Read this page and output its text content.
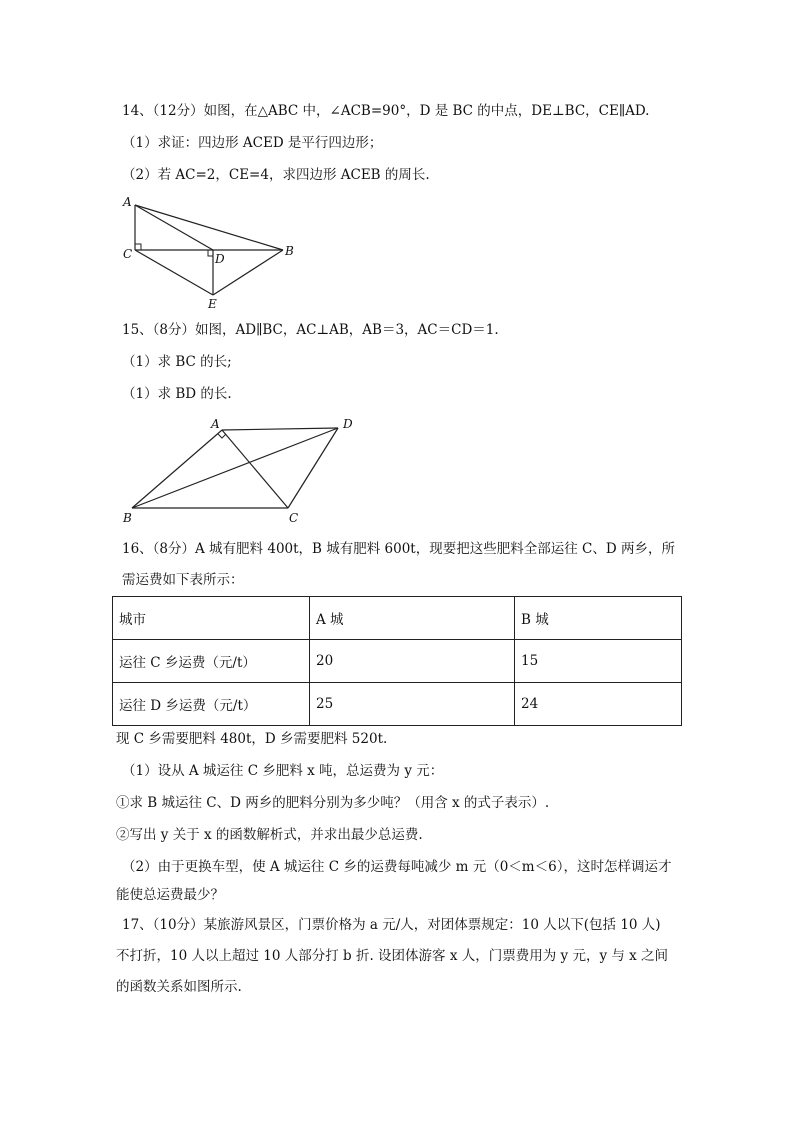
14、（12分）如图，在△ABC 中，∠ACB=90°，D 是 BC 的中点，DE⊥BC，CE∥AD.
（1）求证：四边形 ACED 是平行四边形；
（2）若 AC=2，CE=4，求四边形 ACEB 的周长.
A
C	D
B
E
15、（8分）如图，AD∥BC，AC⊥AB，AB＝3，AC＝CD＝1.
（1）求 BC 的长;
（1）求 BD 的长.
A	D
B	C
16、（8分）A 城有肥料 400t，B 城有肥料 600t，现要把这些肥料全部运往 C、D 两乡，所
需运费如下表所示：
城市	A 城	B 城
运往 C 乡运费（元/t）	20	15
运往 D 乡运费（元/t）	25	24
现 C 乡需要肥料 480t，D 乡需要肥料 520t.
（1）设从 A 城运往 C 乡肥料 x 吨，总运费为 y 元：
①求 B 城运往 C、D 两乡的肥料分别为多少吨？（用含 x 的式子表示）.
②写出 y 关于 x 的函数解析式，并求出最少总运费.
（2）由于更换车型，使 A 城运往 C 乡的运费每吨减少 m 元（0＜m＜6），这时怎样调运才
能使总运费最少？
17、（10分）某旅游风景区，门票价格为 a 元/人，对团体票规定：10 人以下(包括 10 人)
不打折，10 人以上超过 10 人部分打 b 折. 设团体游客 x 人，门票费用为 y 元，y 与 x 之间
的函数关系如图所示.
